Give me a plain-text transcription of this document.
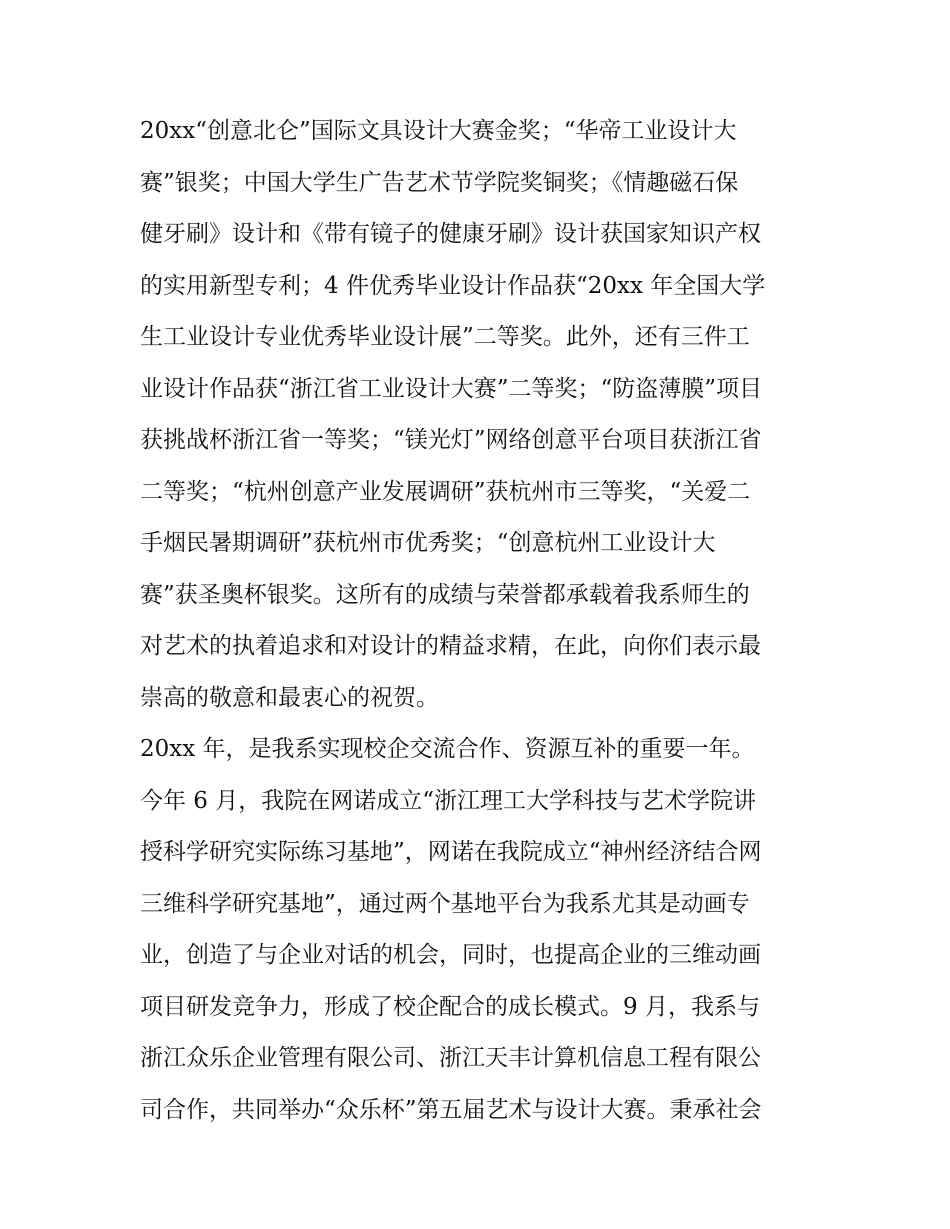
20xx“创意北仑”国际文具设计大赛金奖；“华帝工业设计大
赛”银奖；中国大学生广告艺术节学院奖铜奖；《情趣磁石保
健牙刷》设计和《带有镜子的健康牙刷》设计获国家知识产权
的实用新型专利；4 件优秀毕业设计作品获“20xx 年全国大学
生工业设计专业优秀毕业设计展”二等奖。此外，还有三件工
业设计作品获“浙江省工业设计大赛”二等奖；“防盗薄膜”项目
获挑战杯浙江省一等奖；“镁光灯”网络创意平台项目获浙江省
二等奖；“杭州创意产业发展调研”获杭州市三等奖，“关爱二
手烟民暑期调研”获杭州市优秀奖；“创意杭州工业设计大
赛”获圣奥杯银奖。这所有的成绩与荣誉都承载着我系师生的
对艺术的执着追求和对设计的精益求精，在此，向你们表示最
崇高的敬意和最衷心的祝贺。
20xx 年，是我系实现校企交流合作、资源互补的重要一年。
今年 6 月，我院在网诺成立“浙江理工大学科技与艺术学院讲
授科学研究实际练习基地”，网诺在我院成立“神州经济结合网
三维科学研究基地”，通过两个基地平台为我系尤其是动画专
业，创造了与企业对话的机会，同时，也提高企业的三维动画
项目研发竞争力，形成了校企配合的成长模式。9 月，我系与
浙江众乐企业管理有限公司、浙江天丰计算机信息工程有限公
司合作，共同举办“众乐杯”第五届艺术与设计大赛。秉承社会
